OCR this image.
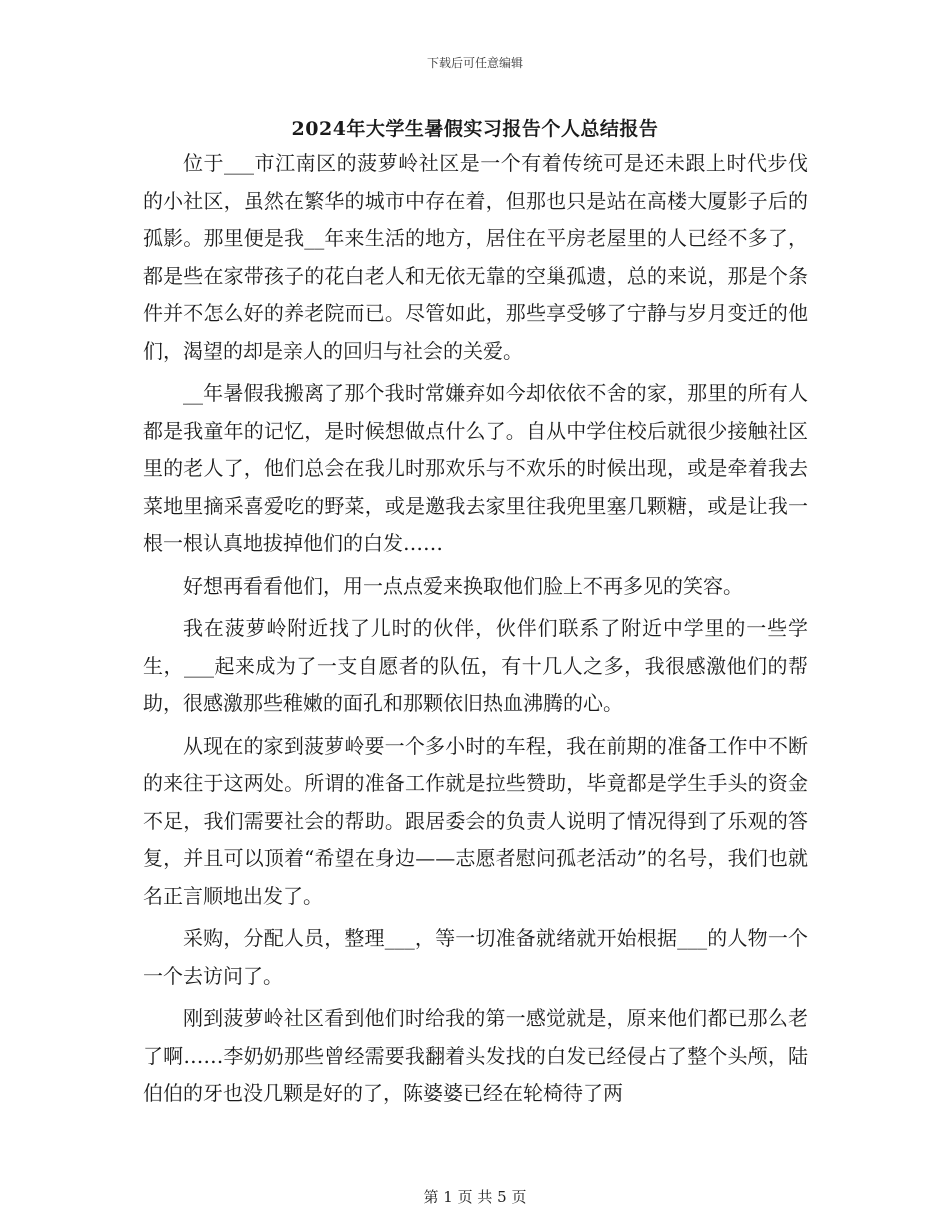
下载后可任意编辑
2024年大学生暑假实习报告个人总结报告

位于___市江南区的菠萝岭社区是一个有着传统可是还未跟上时代步伐的小社区，虽然在繁华的城市中存在着，但那也只是站在高楼大厦影子后的孤影。那里便是我__年来生活的地方，居住在平房老屋里的人已经不多了，都是些在家带孩子的花白老人和无依无靠的空巢孤遗，总的来说，那是个条件并不怎么好的养老院而已。尽管如此，那些享受够了宁静与岁月变迁的他们，渴望的却是亲人的回归与社会的关爱。

__年暑假我搬离了那个我时常嫌弃如今却依依不舍的家，那里的所有人都是我童年的记忆，是时候想做点什么了。自从中学住校后就很少接触社区里的老人了，他们总会在我儿时那欢乐与不欢乐的时候出现，或是牵着我去菜地里摘采喜爱吃的野菜，或是邀我去家里往我兜里塞几颗糖，或是让我一根一根认真地拔掉他们的白发……

好想再看看他们，用一点点爱来换取他们脸上不再多见的笑容。

我在菠萝岭附近找了儿时的伙伴，伙伴们联系了附近中学里的一些学生，___起来成为了一支自愿者的队伍，有十几人之多，我很感激他们的帮助，很感激那些稚嫩的面孔和那颗依旧热血沸腾的心。

从现在的家到菠萝岭要一个多小时的车程，我在前期的准备工作中不断的来往于这两处。所谓的准备工作就是拉些赞助，毕竟都是学生手头的资金不足，我们需要社会的帮助。跟居委会的负责人说明了情况得到了乐观的答复，并且可以顶着“希望在身边——志愿者慰问孤老活动”的名号，我们也就名正言顺地出发了。

采购，分配人员，整理___，等一切准备就绪就开始根据___的人物一个一个去访问了。

刚到菠萝岭社区看到他们时给我的第一感觉就是，原来他们都已那么老了啊……李奶奶那些曾经需要我翻着头发找的白发已经侵占了整个头颅，陆伯伯的牙也没几颗是好的了，陈婆婆已经在轮椅待了两

第 1 页 共 5 页
